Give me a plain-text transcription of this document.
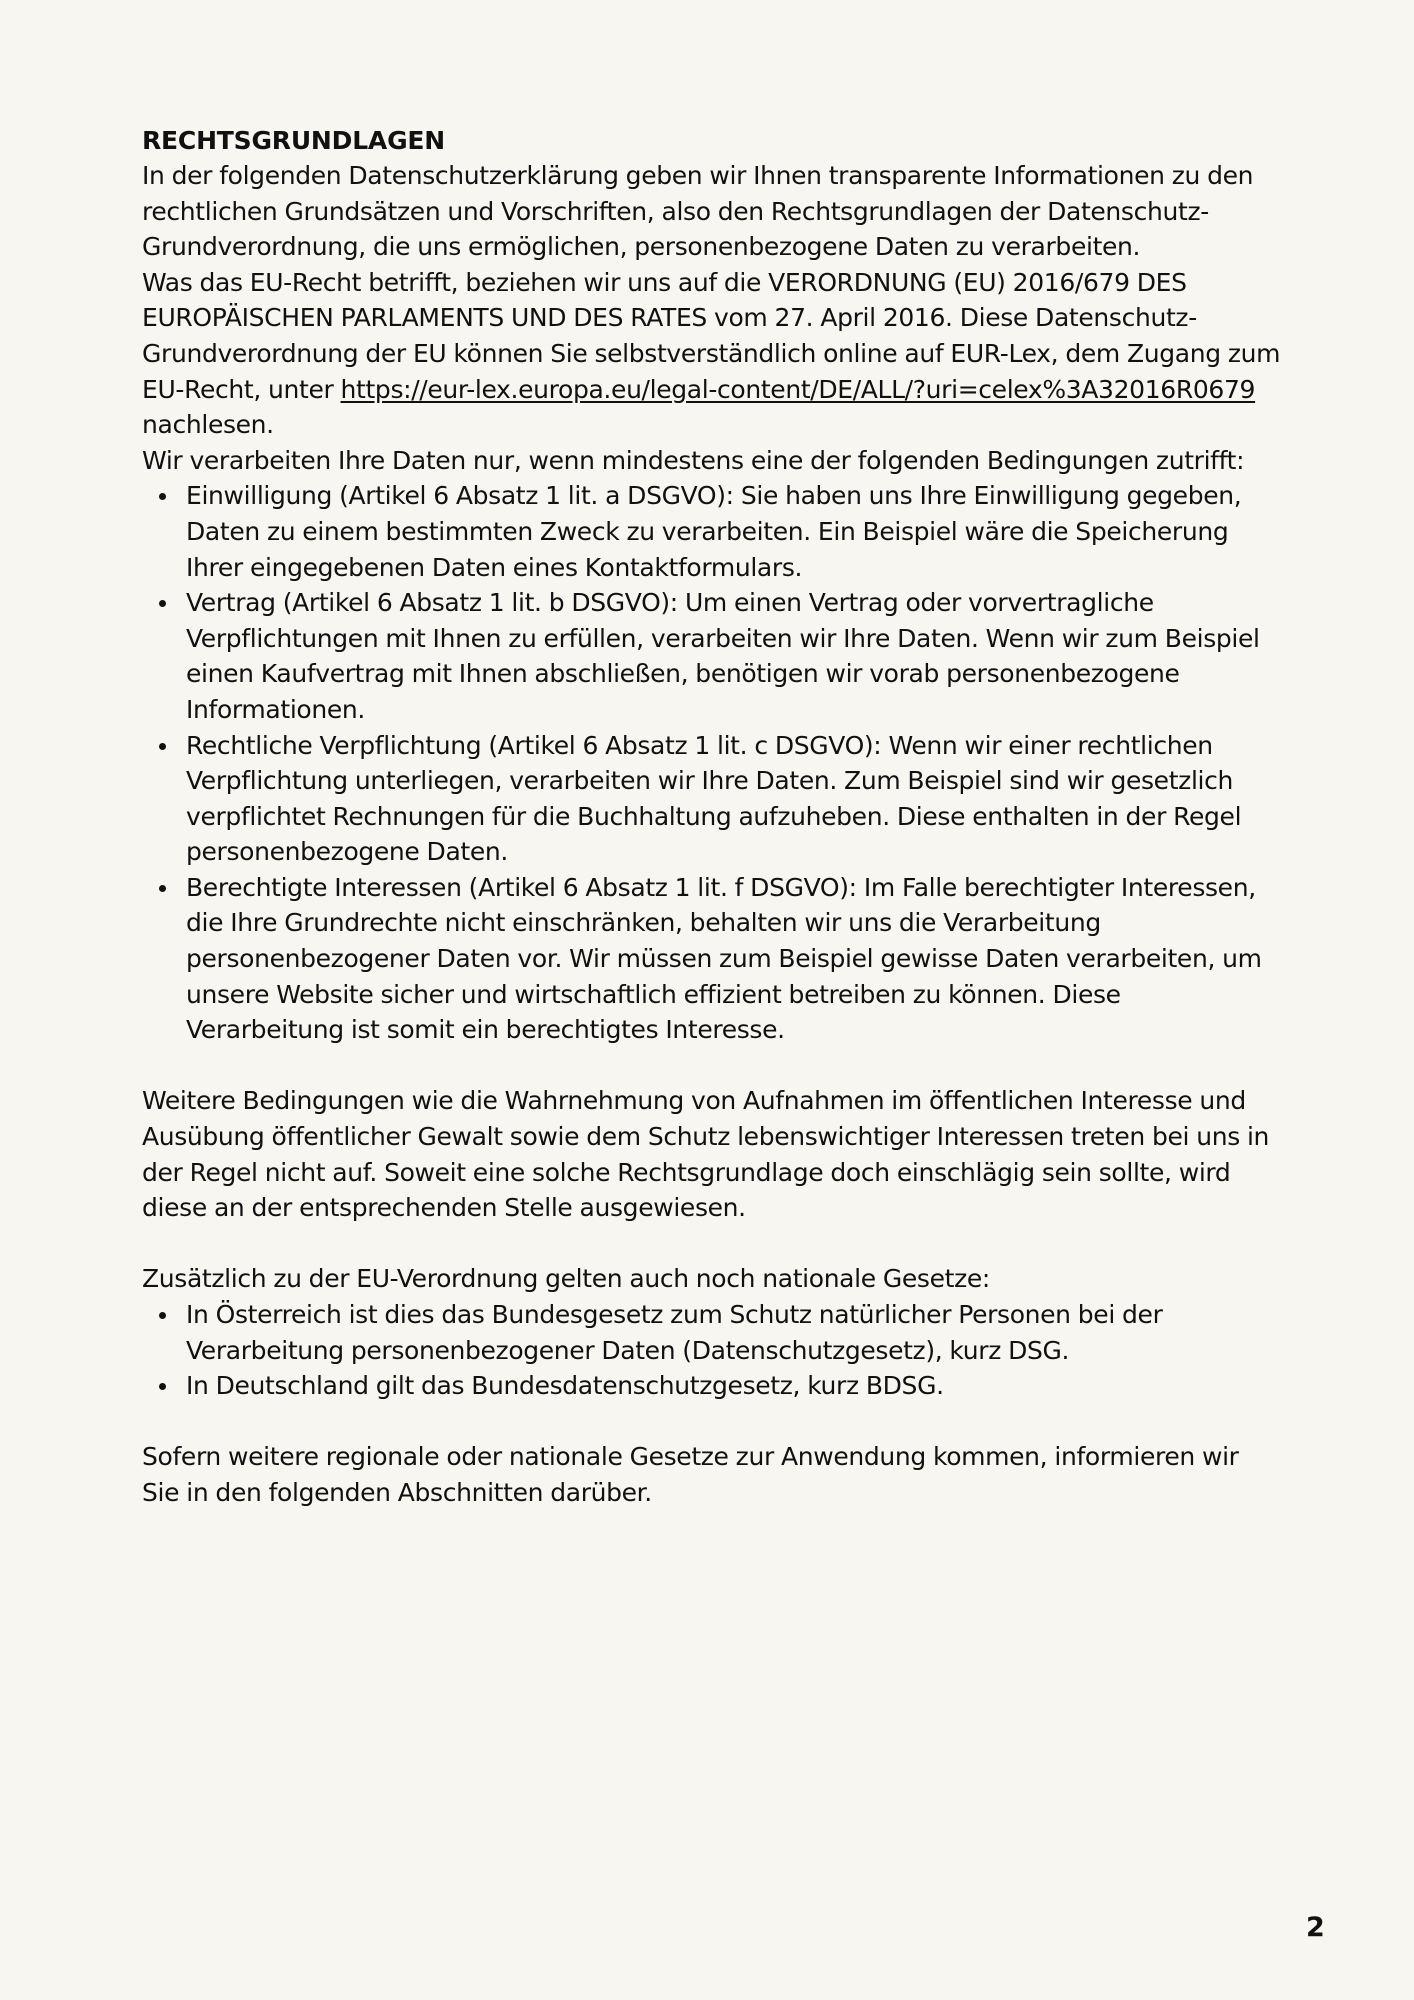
RECHTSGRUNDLAGEN

In der folgenden Datenschutzerklärung geben wir Ihnen transparente Informationen zu den rechtlichen Grundsätzen und Vorschriften, also den Rechtsgrundlagen der Datenschutz-Grundverordnung, die uns ermöglichen, personenbezogene Daten zu verarbeiten.

Was das EU-Recht betrifft, beziehen wir uns auf die VERORDNUNG (EU) 2016/679 DES EUROPÄISCHEN PARLAMENTS UND DES RATES vom 27. April 2016. Diese Datenschutz-Grundverordnung der EU können Sie selbstverständlich online auf EUR-Lex, dem Zugang zum EU-Recht, unter https://eur-lex.europa.eu/legal-content/DE/ALL/?uri=celex%3A32016R0679 nachlesen.

Wir verarbeiten Ihre Daten nur, wenn mindestens eine der folgenden Bedingungen zutrifft:

Einwilligung (Artikel 6 Absatz 1 lit. a DSGVO): Sie haben uns Ihre Einwilligung gegeben, Daten zu einem bestimmten Zweck zu verarbeiten. Ein Beispiel wäre die Speicherung Ihrer eingegebenen Daten eines Kontaktformulars.
Vertrag (Artikel 6 Absatz 1 lit. b DSGVO): Um einen Vertrag oder vorvertragliche Verpflichtungen mit Ihnen zu erfüllen, verarbeiten wir Ihre Daten. Wenn wir zum Beispiel einen Kaufvertrag mit Ihnen abschließen, benötigen wir vorab personenbezogene Informationen.
Rechtliche Verpflichtung (Artikel 6 Absatz 1 lit. c DSGVO): Wenn wir einer rechtlichen Verpflichtung unterliegen, verarbeiten wir Ihre Daten. Zum Beispiel sind wir gesetzlich verpflichtet Rechnungen für die Buchhaltung aufzuheben. Diese enthalten in der Regel personenbezogene Daten.
Berechtigte Interessen (Artikel 6 Absatz 1 lit. f DSGVO): Im Falle berechtigter Interessen, die Ihre Grundrechte nicht einschränken, behalten wir uns die Verarbeitung personenbezogener Daten vor. Wir müssen zum Beispiel gewisse Daten verarbeiten, um unsere Website sicher und wirtschaftlich effizient betreiben zu können. Diese Verarbeitung ist somit ein berechtigtes Interesse.

Weitere Bedingungen wie die Wahrnehmung von Aufnahmen im öffentlichen Interesse und Ausübung öffentlicher Gewalt sowie dem Schutz lebenswichtiger Interessen treten bei uns in der Regel nicht auf. Soweit eine solche Rechtsgrundlage doch einschlägig sein sollte, wird diese an der entsprechenden Stelle ausgewiesen.

Zusätzlich zu der EU-Verordnung gelten auch noch nationale Gesetze:

In Österreich ist dies das Bundesgesetz zum Schutz natürlicher Personen bei der Verarbeitung personenbezogener Daten (Datenschutzgesetz), kurz DSG.
In Deutschland gilt das Bundesdatenschutzgesetz, kurz BDSG.

Sofern weitere regionale oder nationale Gesetze zur Anwendung kommen, informieren wir Sie in den folgenden Abschnitten darüber.

2
